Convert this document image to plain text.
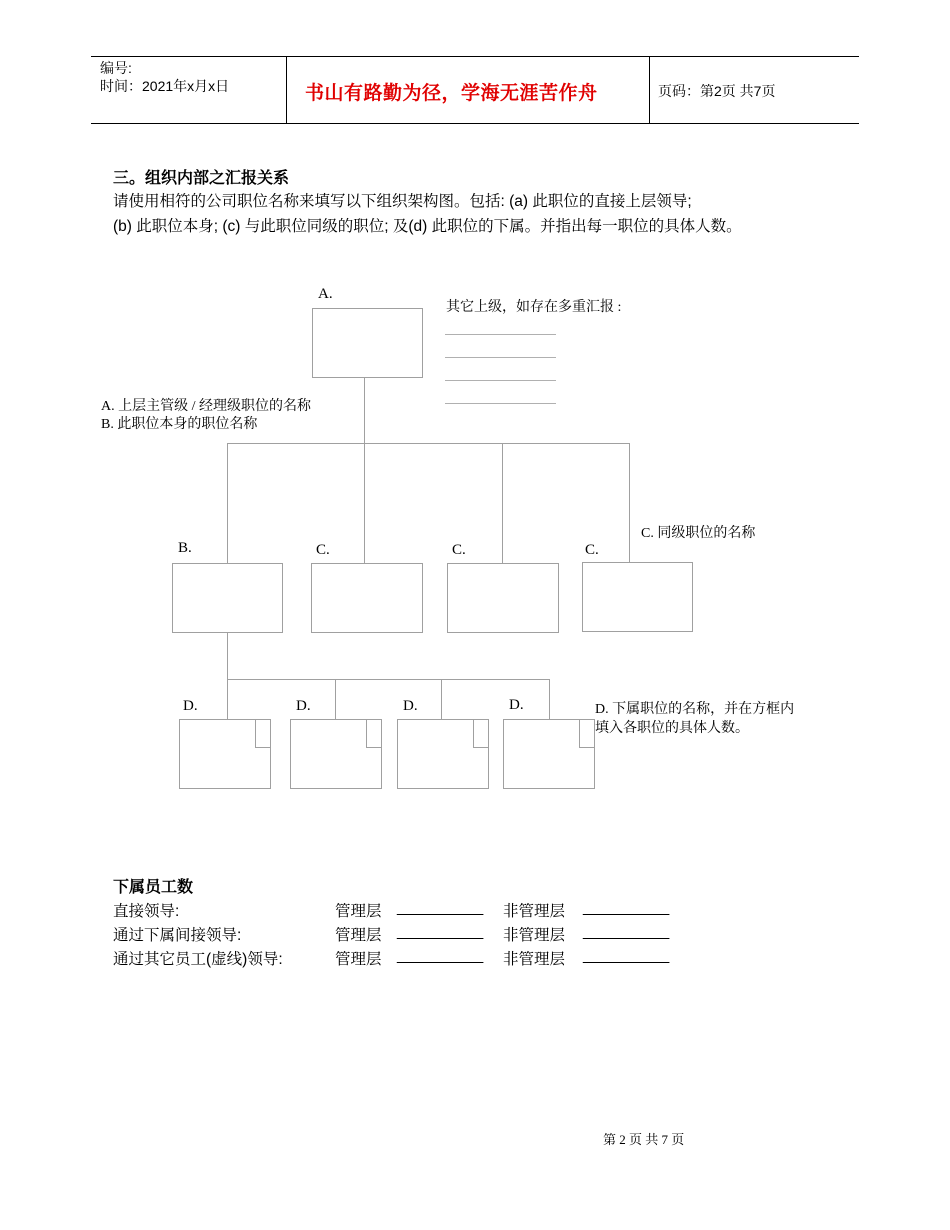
编号:
时间：2021年x月x日	书山有路勤为径，学海无涯苦作舟	页码：第2页 共7页
三。组织内部之汇报关系
请使用相符的公司职位名称来填写以下组织架构图。包括: (a) 此职位的直接上层领导;
(b) 此职位本身; (c) 与此职位同级的职位; 及(d) 此职位的下属。并指出每一职位的具体人数。
A.
其它上级，如存在多重汇报 :
A. 上层主管级 / 经理级职位的名称
B. 此职位本身的职位名称
B.	C.	C.	C.
C. 同级职位的名称
D.	D.	D.	D.	D. 下属职位的名称，并在方框内
填入各职位的具体人数。
下属员工数
直接领导:	管理层 __________ 非管理层 __________
通过下属间接领导:	管理层 __________ 非管理层 __________
通过其它员工(虚线)领导:	管理层 __________ 非管理层 __________
第 2 页 共 7 页
